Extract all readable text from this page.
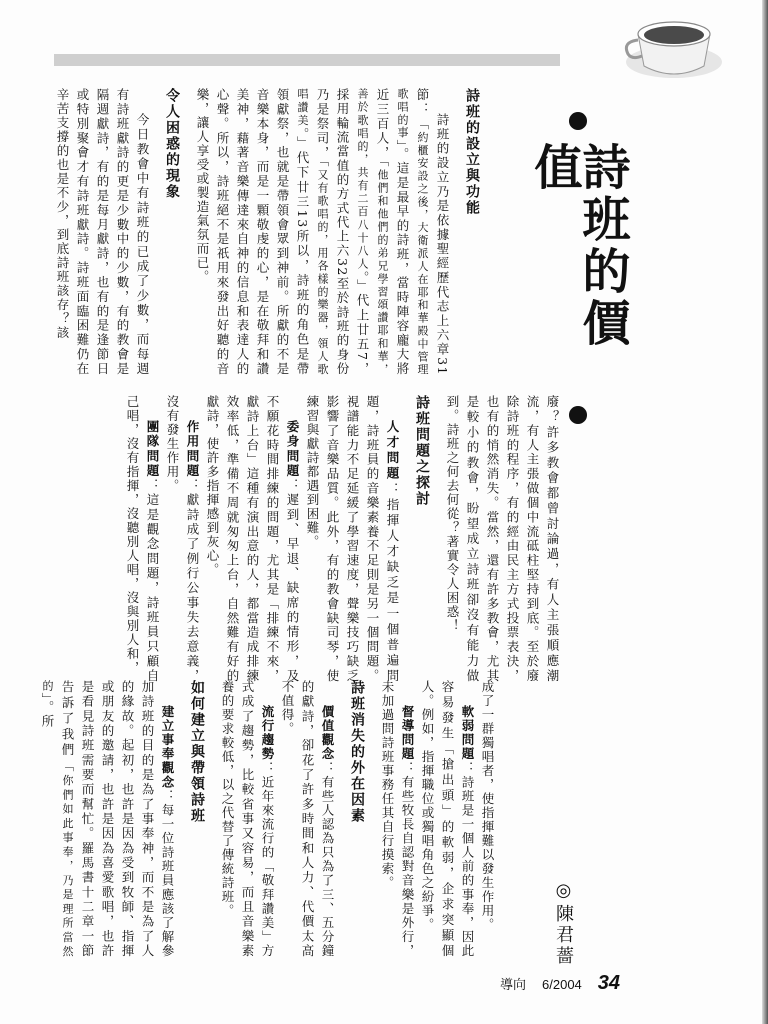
詩班的價值
詩班的設立與功能

詩班的設立乃是依據聖經歷代志上六章31節：「約櫃安設之後，大衛派人在耶和華殿中管理歌唱的事」。這是最早的詩班，當時陣容龐大將近三百人，「他們和他們的弟兄學習頌讚耶和華，善於歌唱的，共有二百八十八人。」代上廿五7，採用輪流當值的方式代上六32至於詩班的身份乃是祭司，「又有歌唱的，用各樣的樂器，領人歌唱讚美。」代下廿三13所以，詩班的角色是帶領獻祭，也就是帶領會眾到神前。所獻的不是音樂本身，而是一顆敬虔的心，是在敬拜和讚美神，藉著音樂傳達來自神的信息和表達人的心聲。所以，詩班絕不是祇用來發出好聽的音樂，讓人享受或製造氣氛而已。

令人困惑的現象

今日教會中有詩班的已成了少數，而每週有詩班獻詩的更是少數中的少數，有的教會是隔週獻詩，有的是每月獻詩，也有的是逢節日或特別聚會才有詩班獻詩。詩班面臨困難仍在辛苦支撐的也是不少，到底詩班該存？該

廢？許多教會都曾討論過，有人主張順應潮流，有人主張做個中流砥柱堅持到底。至於廢除詩班的程序，有的經由民主方式投票表決，也有的悄然消失。當然，還有許多教會，尤其是較小的教會，盼望成立詩班卻沒有能力做到。詩班之何去何從？著實令人困惑！

詩班問題之探討

人才問題：指揮人才缺乏是一個普遍問題，詩班員的音樂素養不足則是另一個問題。視譜能力不足延緩了學習速度，聲樂技巧缺乏影響了音樂品質。此外，有的教會缺司琴，使練習與獻詩都遇到困難。

委身問題：遲到、早退、缺席的情形，及不願花時間排練的問題，尤其是「排練不來，獻詩上台」這種有演出意的人，都當造成排練效率低，準備不周就匆匆上台，自然難有好的獻詩，使許多指揮感到灰心。

作用問題：獻詩成了例行公事失去意義，沒有發生作用。

團隊問題：這是觀念問題，詩班員只顧自己唱，沒有指揮，沒聽別人唱，沒與別人和，

成了一群獨唱者，使指揮難以發生作用。

軟弱問題：詩班是一個人前的事奉，因此容易發生「搶出頭」的軟弱，企求突顯個人。例如，指揮職位或獨唱角色之紛爭。

督導問題：有些牧長自認對音樂是外行，未加過問詩班事務任其自行摸索。

詩班消失的外在因素

價值觀念：有些人認為只為了三、五分鐘的獻詩，卻花了許多時間和人力、代價太高不值得。

流行趨勢：近年來流行的「敬拜讚美」方式成了趨勢，比較省事又容易，而且音樂素養的要求較低，以之代替了傳統詩班。

如何建立與帶領詩班

建立事奉觀念：每一位詩班員應該了解參加詩班的目的是為了事奉神，而不是為了人的緣故。起初，也許是因為受到牧師、指揮或朋友的邀請，也許是因為喜愛歌唱，也許是看見詩班需要而幫忙。羅馬書十二章一節告訴了我們「你們如此事奉，乃是理所當然的」。所

◎陳君薔
導向 6/2004 34
